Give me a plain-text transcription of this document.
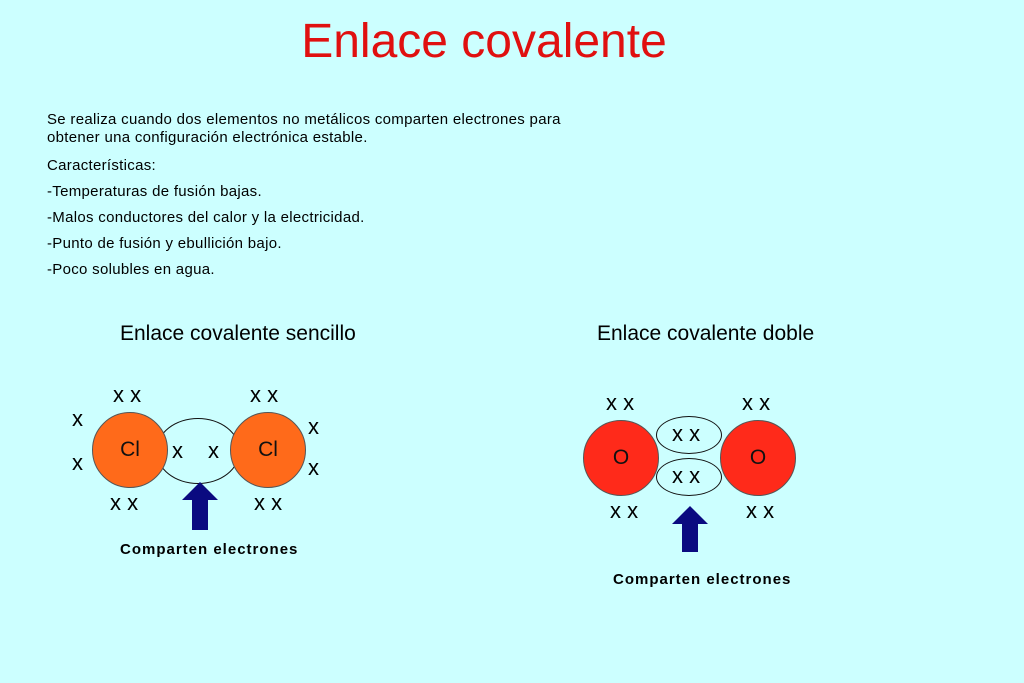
Enlace covalente

Se realiza cuando dos elementos no metálicos comparten electrones para

obtener una configuración electrónica estable.

Características:
-Temperaturas de fusión bajas.
-Malos conductores del calor y la electricidad.
-Punto de fusión y ebullición bajo.
-Poco solubles en agua.
Enlace covalente sencillo
x x	x x
x
x
x
x
x x	x x
Cl	Cl
x x
Comparten electrones
Enlace covalente doble
x x	x x
x x
x x
O	O
x x	x x
Comparten electrones
